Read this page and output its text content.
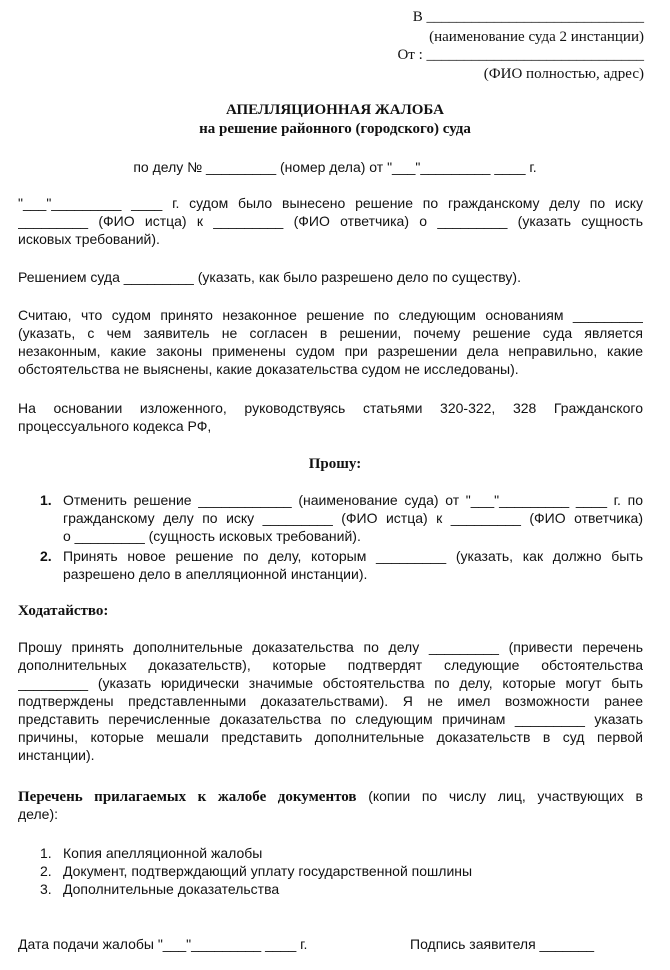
В _____________________________
(наименование суда 2 инстанции)
От : _____________________________
(ФИО полностью, адрес)
АПЕЛЛЯЦИОННАЯ ЖАЛОБА
на решение районного (городского) суда
по делу № _________ (номер дела) от "___"_________ ____ г.
"___"_________ ____ г. судом было вынесено решение по гражданскому делу по иску
_________ (ФИО истца) к _________ (ФИО ответчика) о _________ (указать сущность
исковых требований).
Решением суда _________ (указать, как было разрешено дело по существу).
Считаю, что судом принято незаконное решение по следующим основаниям _________
(указать, с чем заявитель не согласен в решении, почему решение суда является
незаконным, какие законы применены судом при разрешении дела неправильно, какие
обстоятельства не выяснены, какие доказательства судом не исследованы).
На основании изложенного, руководствуясь статьями 320-322, 328 Гражданского
процессуального кодекса РФ,
Прошу:
1. Отменить решение ____________ (наименование суда) от "___"_________ ____ г. по
гражданскому делу по иску _________ (ФИО истца) к _________ (ФИО ответчика)
о _________ (сущность исковых требований).
2. Принять новое решение по делу, которым _________ (указать, как должно быть
разрешено дело в апелляционной инстанции).
Ходатайство:
Прошу принять дополнительные доказательства по делу _________ (привести перечень
дополнительных доказательств), которые подтвердят следующие обстоятельства
_________ (указать юридически значимые обстоятельства по делу, которые могут быть
подтверждены представленными доказательствами). Я не имел возможности ранее
представить перечисленные доказательства по следующим причинам _________ указать
причины, которые мешали представить дополнительные доказательств в суд первой
инстанции).
Перечень прилагаемых к жалобе документов (копии по числу лиц, участвующих в
деле):
1. Копия апелляционной жалобы
2. Документ, подтверждающий уплату государственной пошлины
3. Дополнительные доказательства
Дата подачи жалобы "___"_________ ____ г.	Подпись заявителя _______
